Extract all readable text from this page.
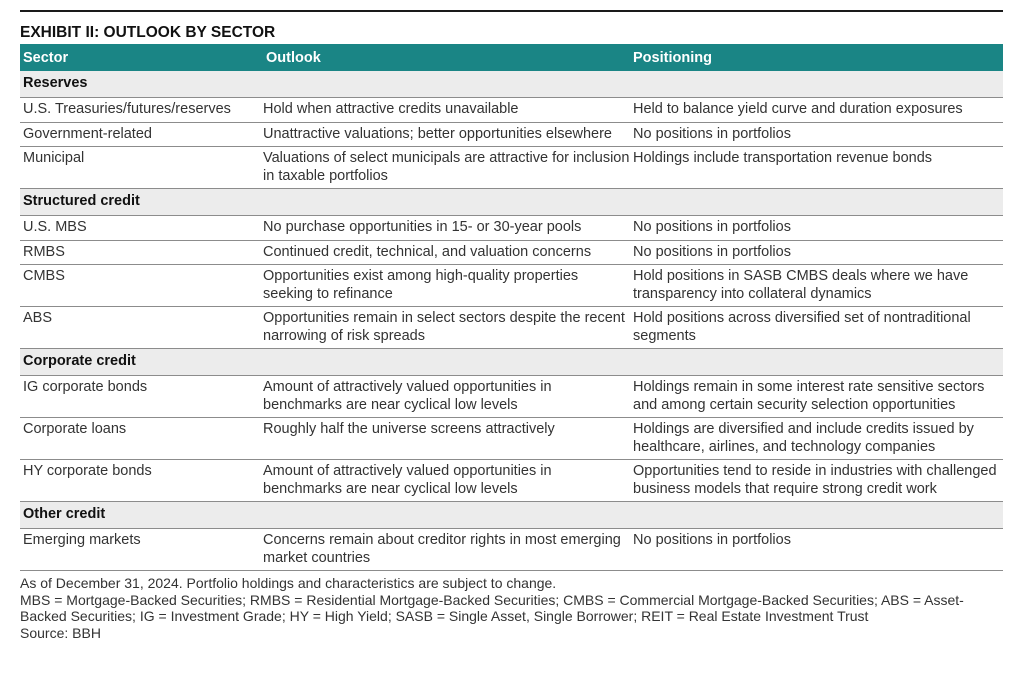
EXHIBIT II: OUTLOOK BY SECTOR
Sector	Outlook	Positioning
Reserves		
U.S. Treasuries/futures/reserves	Hold when attractive credits unavailable	Held to balance yield curve and duration exposures
Government-related	Unattractive valuations; better opportunities elsewhere	No positions in portfolios
Municipal	Valuations of select municipals are attractive for inclusion in taxable portfolios	Holdings include transportation revenue bonds
Structured credit		
U.S. MBS	No purchase opportunities in 15- or 30-year pools	No positions in portfolios
RMBS	Continued credit, technical, and valuation concerns	No positions in portfolios
CMBS	Opportunities exist among high-quality properties seeking to refinance	Hold positions in SASB CMBS deals where we have transparency into collateral dynamics
ABS	Opportunities remain in select sectors despite the recent narrowing of risk spreads	Hold positions across diversified set of nontraditional segments
Corporate credit		
IG corporate bonds	Amount of attractively valued opportunities in benchmarks are near cyclical low levels	Holdings remain in some interest rate sensitive sectors and among certain security selection opportunities
Corporate loans	Roughly half the universe screens attractively	Holdings are diversified and include credits issued by healthcare, airlines, and technology companies
HY corporate bonds	Amount of attractively valued opportunities in benchmarks are near cyclical low levels	Opportunities tend to reside in industries with challenged business models that require strong credit work
Other credit		
Emerging markets	Concerns remain about creditor rights in most emerging market countries	No positions in portfolios
As of December 31, 2024. Portfolio holdings and characteristics are subject to change.
MBS = Mortgage-Backed Securities; RMBS = Residential Mortgage-Backed Securities; CMBS = Commercial Mortgage-Backed Securities; ABS = Asset-Backed Securities; IG = Investment Grade; HY = High Yield; SASB = Single Asset, Single Borrower; REIT = Real Estate Investment Trust
Source: BBH
